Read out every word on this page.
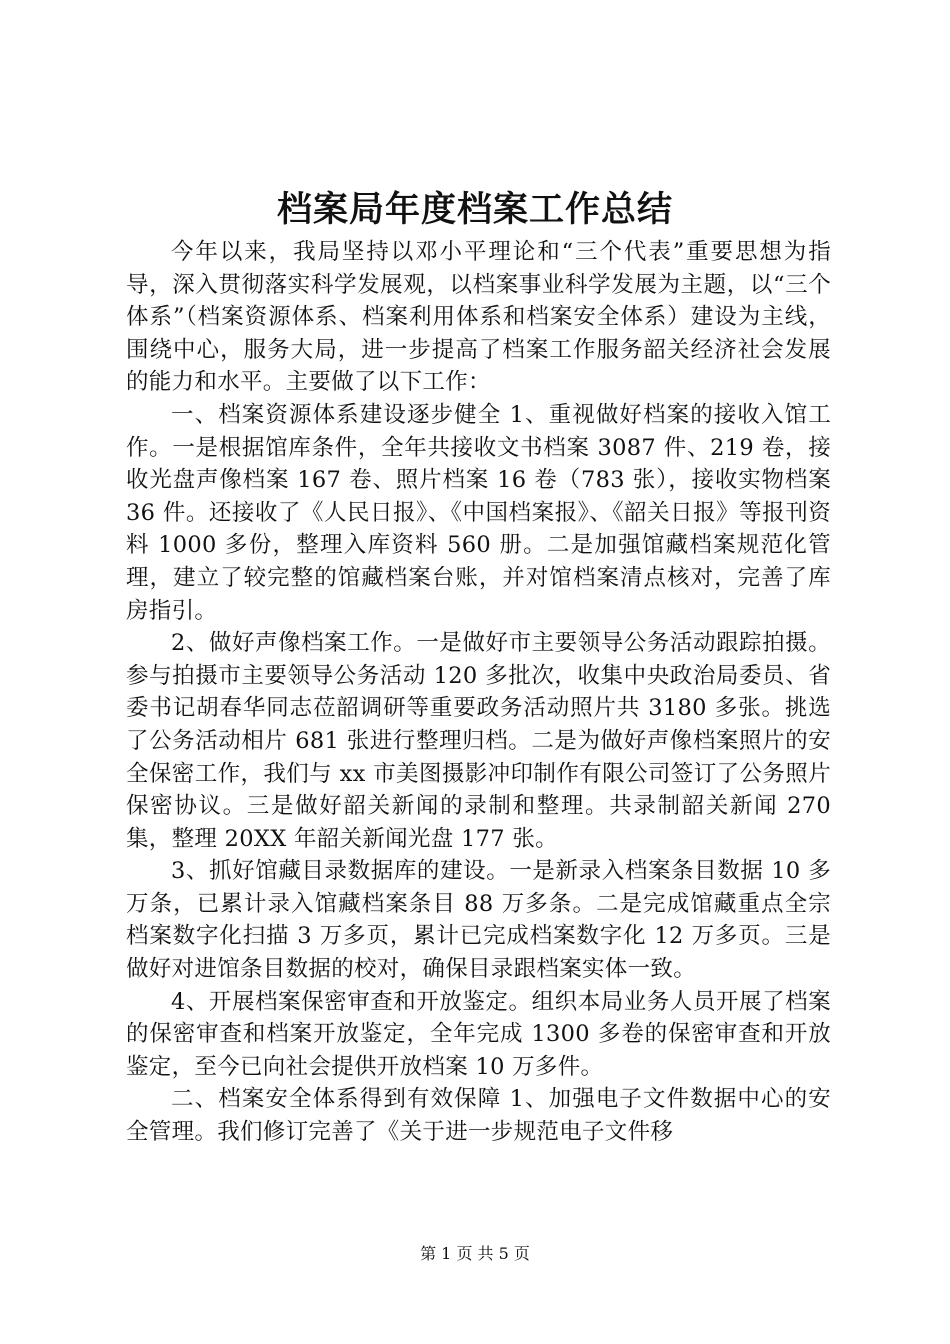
档案局年度档案工作总结

今年以来，我局坚持以邓小平理论和“三个代表”重要思想为指导，深入贯彻落实科学发展观，以档案事业科学发展为主题，以“三个体系”（档案资源体系、档案利用体系和档案安全体系）建设为主线，围绕中心，服务大局，进一步提高了档案工作服务韶关经济社会发展的能力和水平。主要做了以下工作：

一、档案资源体系建设逐步健全 1、重视做好档案的接收入馆工作。一是根据馆库条件，全年共接收文书档案 3087 件、219 卷，接收光盘声像档案 167 卷、照片档案 16 卷（783 张），接收实物档案 36 件。还接收了《人民日报》、《中国档案报》、《韶关日报》等报刊资料 1000 多份，整理入库资料 560 册。二是加强馆藏档案规范化管理，建立了较完整的馆藏档案台账，并对馆档案清点核对，完善了库房指引。

2、做好声像档案工作。一是做好市主要领导公务活动跟踪拍摄。参与拍摄市主要领导公务活动 120 多批次，收集中央政治局委员、省委书记胡春华同志莅韶调研等重要政务活动照片共 3180 多张。挑选了公务活动相片 681 张进行整理归档。二是为做好声像档案照片的安全保密工作，我们与 xx 市美图摄影冲印制作有限公司签订了公务照片保密协议。三是做好韶关新闻的录制和整理。共录制韶关新闻 270 集，整理 20XX 年韶关新闻光盘 177 张。

3、抓好馆藏目录数据库的建设。一是新录入档案条目数据 10 多万条，已累计录入馆藏档案条目 88 万多条。二是完成馆藏重点全宗档案数字化扫描 3 万多页，累计已完成档案数字化 12 万多页。三是做好对进馆条目数据的校对，确保目录跟档案实体一致。

4、开展档案保密审查和开放鉴定。组织本局业务人员开展了档案的保密审查和档案开放鉴定，全年完成 1300 多卷的保密审查和开放鉴定，至今已向社会提供开放档案 10 万多件。

二、档案安全体系得到有效保障 1、加强电子文件数据中心的安全管理。我们修订完善了《关于进一步规范电子文件移

第 1 页 共 5 页
